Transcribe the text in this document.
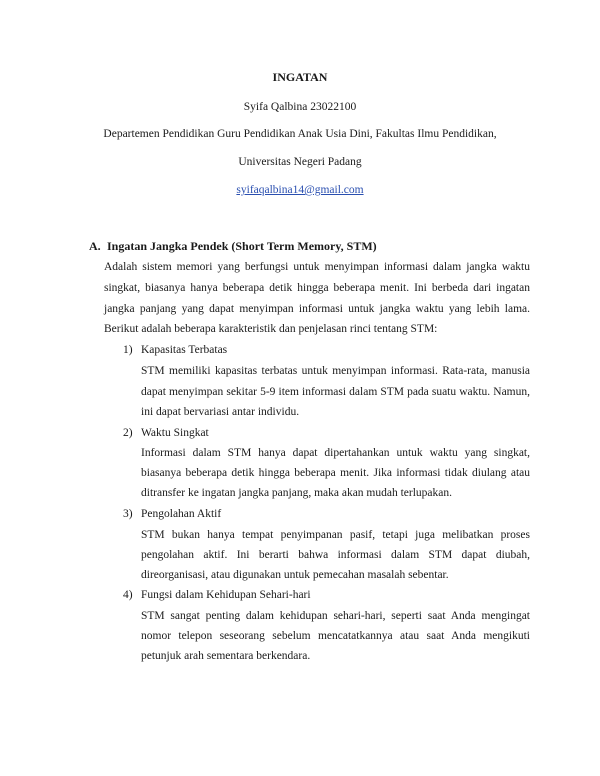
INGATAN
Syifa Qalbina 23022100
Departemen Pendidikan Guru Pendidikan Anak Usia Dini, Fakultas Ilmu Pendidikan,
Universitas Negeri Padang
syifaqalbina14@gmail.com
A. Ingatan Jangka Pendek (Short Term Memory, STM)
Adalah sistem memori yang berfungsi untuk menyimpan informasi dalam jangka waktu
singkat, biasanya hanya beberapa detik hingga beberapa menit. Ini berbeda dari ingatan
jangka panjang yang dapat menyimpan informasi untuk jangka waktu yang lebih lama.
Berikut adalah beberapa karakteristik dan penjelasan rinci tentang STM:
1) Kapasitas Terbatas
STM memiliki kapasitas terbatas untuk menyimpan informasi. Rata-rata, manusia
dapat menyimpan sekitar 5-9 item informasi dalam STM pada suatu waktu. Namun,
ini dapat bervariasi antar individu.
2) Waktu Singkat
Informasi dalam STM hanya dapat dipertahankan untuk waktu yang singkat,
biasanya beberapa detik hingga beberapa menit. Jika informasi tidak diulang atau
ditransfer ke ingatan jangka panjang, maka akan mudah terlupakan.
3) Pengolahan Aktif
STM bukan hanya tempat penyimpanan pasif, tetapi juga melibatkan proses
pengolahan aktif. Ini berarti bahwa informasi dalam STM dapat diubah,
direorganisasi, atau digunakan untuk pemecahan masalah sebentar.
4) Fungsi dalam Kehidupan Sehari-hari
STM sangat penting dalam kehidupan sehari-hari, seperti saat Anda mengingat
nomor telepon seseorang sebelum mencatatkannya atau saat Anda mengikuti
petunjuk arah sementara berkendara.
